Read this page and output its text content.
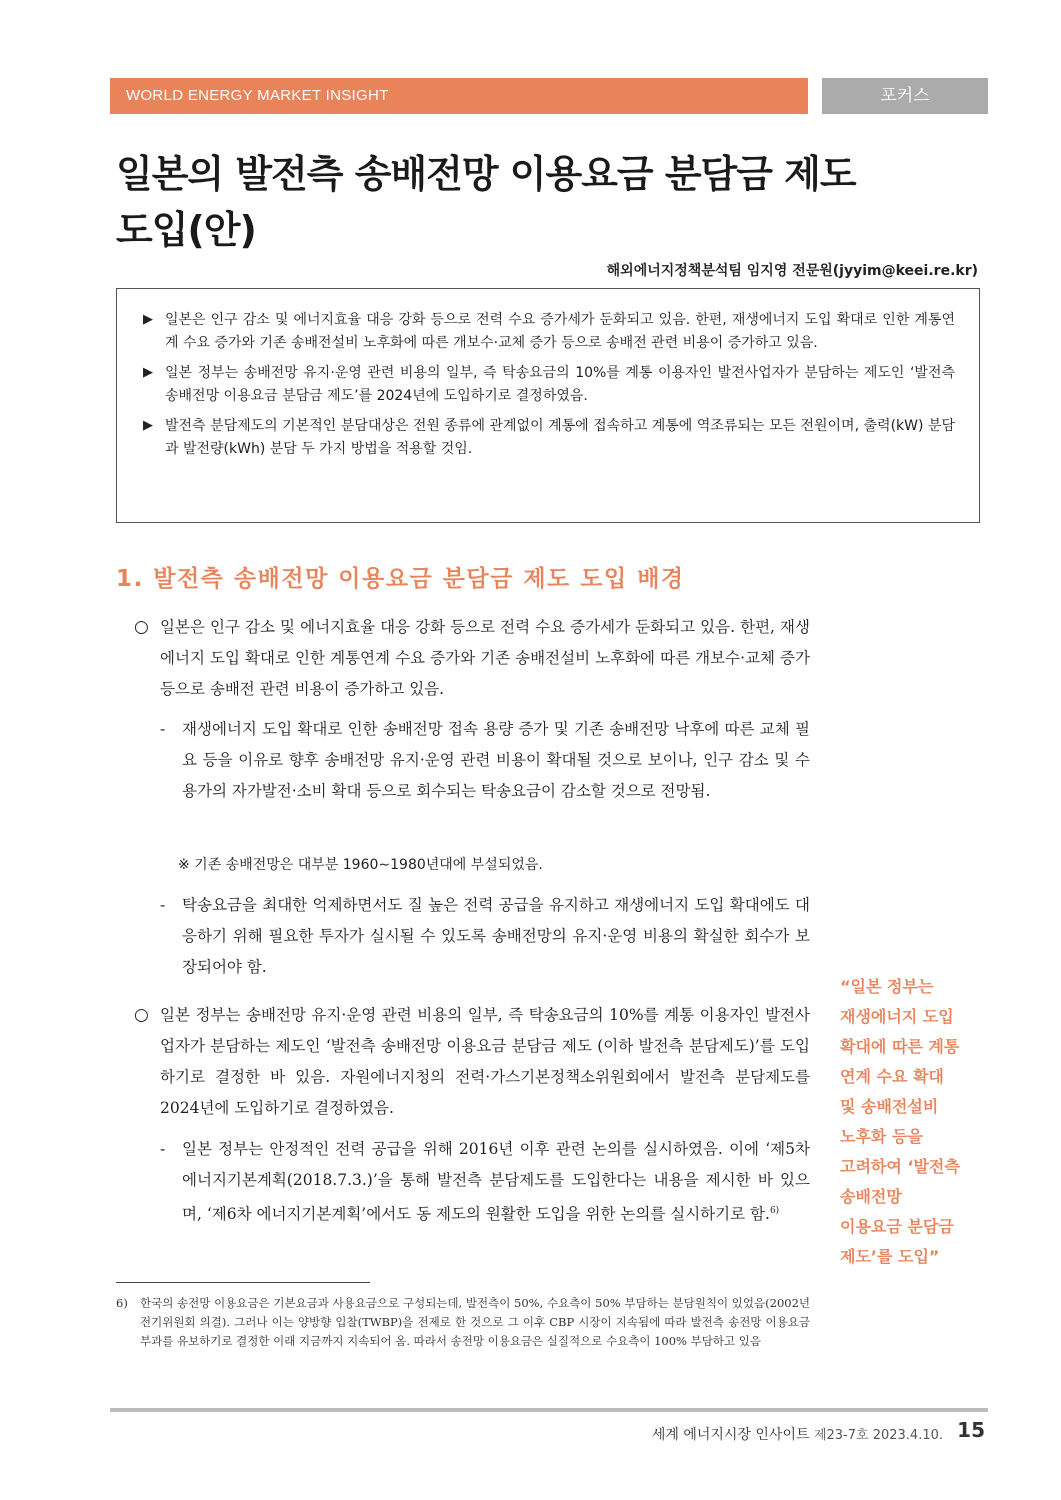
WORLD ENERGY MARKET INSIGHT	포커스
일본의 발전측 송배전망 이용요금 분담금 제도
도입(안)
해외에너지정책분석팀 임지영 전문원(jyyim@keei.re.kr)
▶ 일본은 인구 감소 및 에너지효율 대응 강화 등으로 전력 수요 증가세가 둔화되고 있음. 한편, 재생에너지 도입 확대로 인한 계통연계 수요 증가와 기존 송배전설비 노후화에 따른 개보수·교체 증가 등으로 송배전 관련 비용이 증가하고 있음.
▶ 일본 정부는 송배전망 유지·운영 관련 비용의 일부, 즉 탁송요금의 10%를 계통 이용자인 발전사업자가 분담하는 제도인 ‘발전측 송배전망 이용요금 분담금 제도’를 2024년에 도입하기로 결정하였음.
▶ 발전측 분담제도의 기본적인 분담대상은 전원 종류에 관계없이 계통에 접속하고 계통에 역조류되는 모든 전원이며, 출력(kW) 분담과 발전량(kWh) 분담 두 가지 방법을 적용할 것임.
1. 발전측 송배전망 이용요금 분담금 제도 도입 배경
○ 일본은 인구 감소 및 에너지효율 대응 강화 등으로 전력 수요 증가세가 둔화되고 있음. 한편, 재생에너지 도입 확대로 인한 계통연계 수요 증가와 기존 송배전설비 노후화에 따른 개보수·교체 증가 등으로 송배전 관련 비용이 증가하고 있음.
-	재생에너지 도입 확대로 인한 송배전망 접속 용량 증가 및 기존 송배전망 낙후에 따른 교체 필요 등을 이유로 향후 송배전망 유지·운영 관련 비용이 확대될 것으로 보이나, 인구 감소 및 수용가의 자가발전·소비 확대 등으로 회수되는 탁송요금이 감소할 것으로 전망됨.
※ 기존 송배전망은 대부분 1960∼1980년대에 부설되었음.
-	탁송요금을 최대한 억제하면서도 질 높은 전력 공급을 유지하고 재생에너지 도입 확대에도 대응하기 위해 필요한 투자가 실시될 수 있도록 송배전망의 유지·운영 비용의 확실한 회수가 보장되어야 함.
○ 일본 정부는 송배전망 유지·운영 관련 비용의 일부, 즉 탁송요금의 10%를 계통 이용자인 발전사업자가 분담하는 제도인 ‘발전측 송배전망 이용요금 분담금 제도 (이하 발전측 분담제도)’를 도입하기로 결정한 바 있음. 자원에너지청의 전력·가스기본정책소위원회에서 발전측 분담제도를 2024년에 도입하기로 결정하였음.
-	일본 정부는 안정적인 전력 공급을 위해 2016년 이후 관련 논의를 실시하였음. 이에 ‘제5차 에너지기본계획(2018.7.3.)’을 통해 발전측 분담제도를 도입한다는 내용을 제시한 바 있으며, ‘제6차 에너지기본계획’에서도 동 제도의 원활한 도입을 위한 논의를 실시하기로 함.$^{6)}$
“일본 정부는
재생에너지 도입
확대에 따른 계통
연계 수요 확대
및 송배전설비
노후화 등을
고려하여 ‘발전측
송배전망
이용요금 분담금
제도’를 도입”
6)	한국의 송전망 이용요금은 기본요금과 사용요금으로 구성되는데, 발전측이 50%, 수요측이 50% 부담하는 분담원칙이 있었음(2002년 전기위원회 의결). 그러나 이는 양방향 입찰(TWBP)을 전제로 한 것으로 그 이후 CBP 시장이 지속됨에 따라 발전측 송전망 이용요금 부과를 유보하기로 결정한 이래 지금까지 지속되어 옴. 따라서 송전망 이용요금은 실질적으로 수요측이 100% 부담하고 있음
세계 에너지시장 인사이트 제23-7호 2023.4.10. 15
